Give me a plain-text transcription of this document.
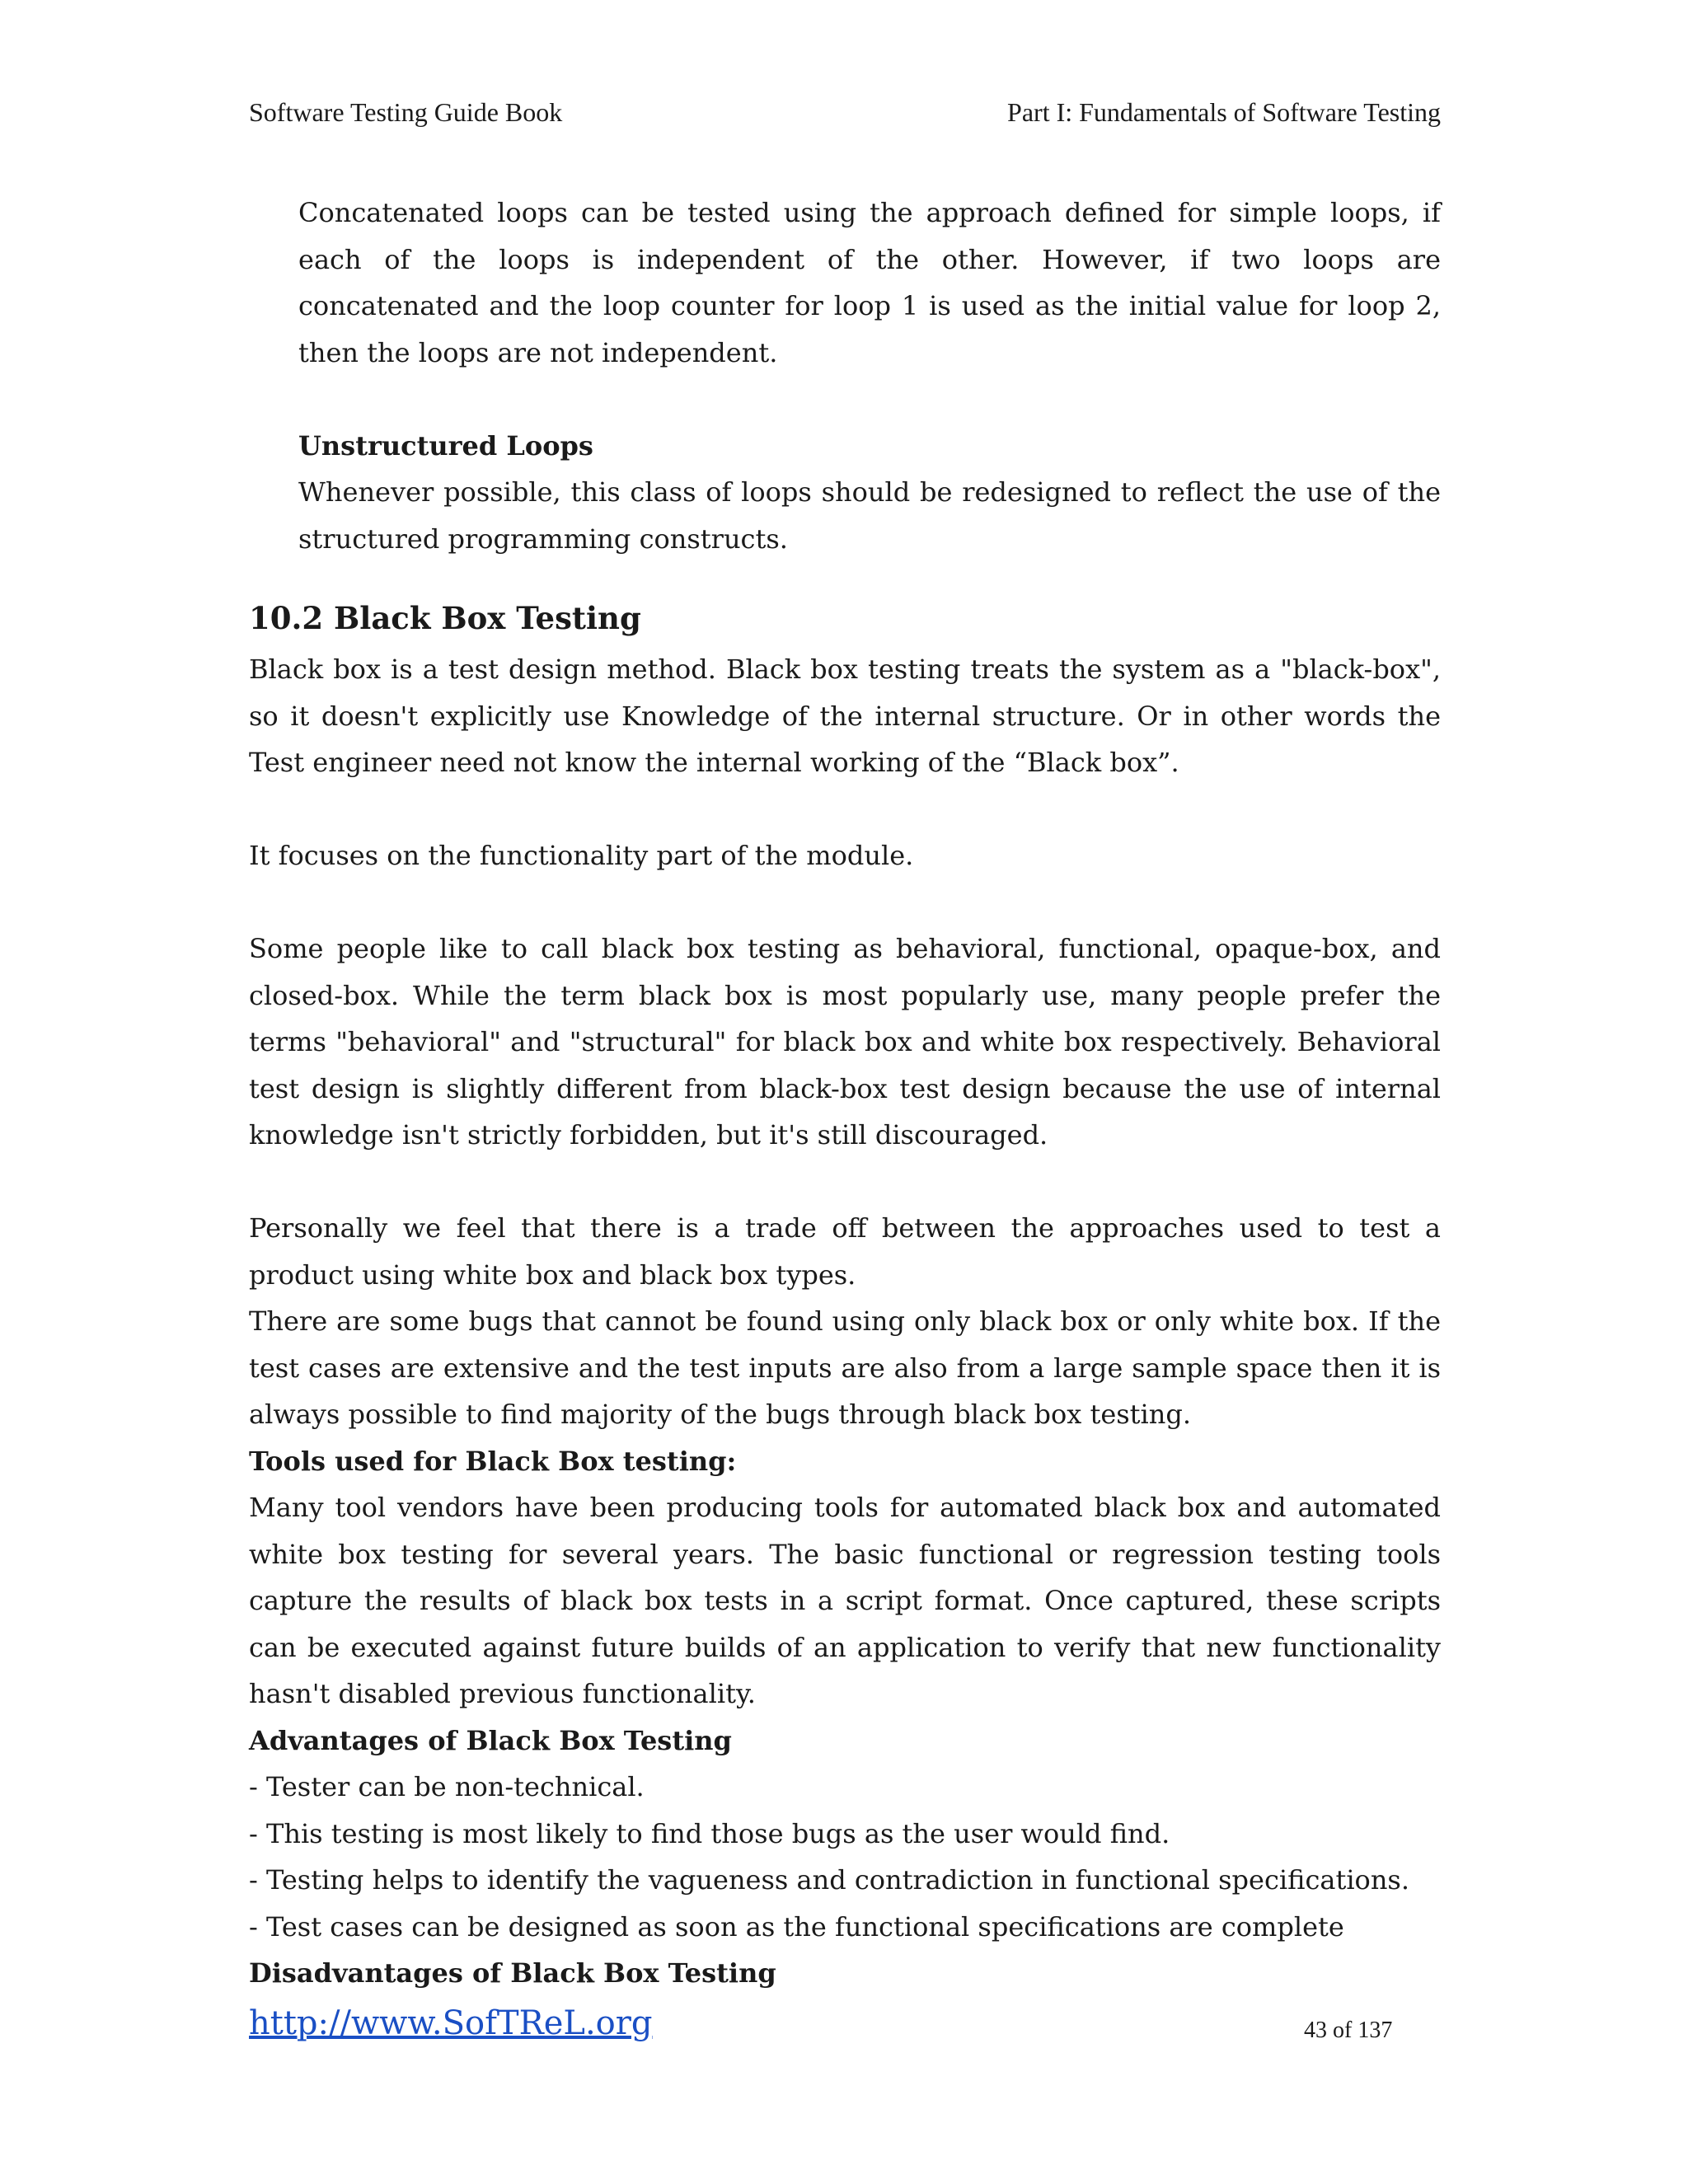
Software Testing Guide Book	Part I: Fundamentals of Software Testing

Concatenated loops can be tested using the approach defined for simple loops, if each of the loops is independent of the other. However, if two loops are concatenated and the loop counter for loop 1 is used as the initial value for loop 2, then the loops are not independent.

Unstructured Loops

Whenever possible, this class of loops should be redesigned to reflect the use of the structured programming constructs.

10.2 Black Box Testing

Black box is a test design method. Black box testing treats the system as a "black-box", so it doesn't explicitly use Knowledge of the internal structure. Or in other words the Test engineer need not know the internal working of the “Black box”.

It focuses on the functionality part of the module.

Some people like to call black box testing as behavioral, functional, opaque-box, and closed-box. While the term black box is most popularly use, many people prefer the terms "behavioral" and "structural" for black box and white box respectively. Behavioral test design is slightly different from black-box test design because the use of internal knowledge isn't strictly forbidden, but it's still discouraged.

Personally we feel that there is a trade off between the approaches used to test a product using white box and black box types.

There are some bugs that cannot be found using only black box or only white box. If the test cases are extensive and the test inputs are also from a large sample space then it is always possible to find majority of the bugs through black box testing.

Tools used for Black Box testing:

Many tool vendors have been producing tools for automated black box and automated white box testing for several years. The basic functional or regression testing tools capture the results of black box tests in a script format. Once captured, these scripts can be executed against future builds of an application to verify that new functionality hasn't disabled previous functionality.

Advantages of Black Box Testing
- Tester can be non-technical.
- This testing is most likely to find those bugs as the user would find.
- Testing helps to identify the vagueness and contradiction in functional specifications.
- Test cases can be designed as soon as the functional specifications are complete
Disadvantages of Black Box Testing
http://www.SofTReL.org	43 of 137
